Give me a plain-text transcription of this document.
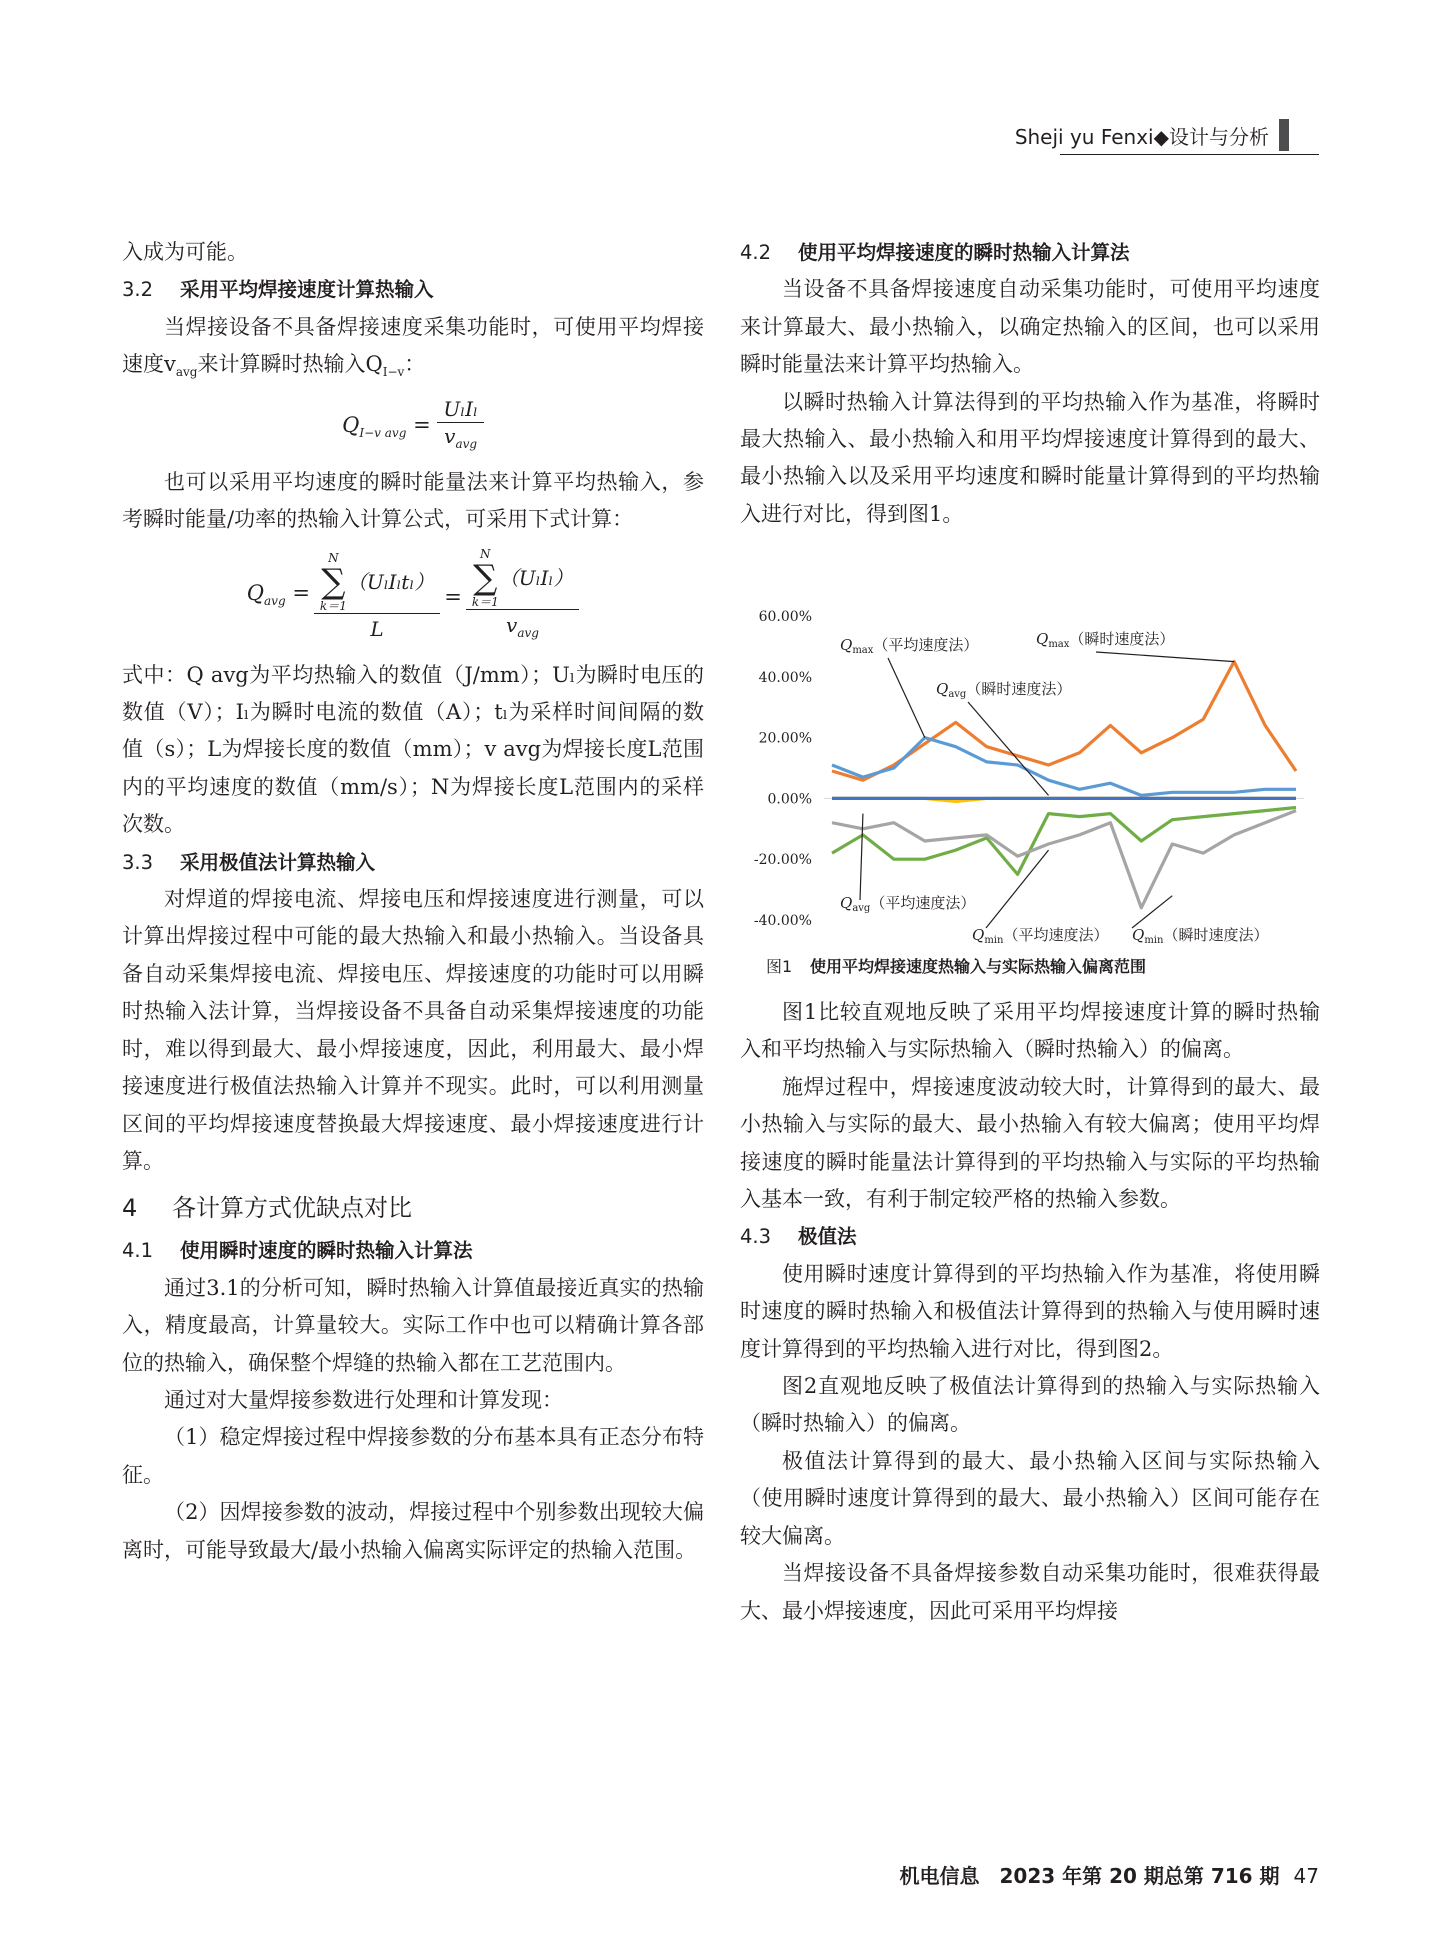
Sheji yu Fenxi◆设计与分析

入成为可能。

3.2 采用平均焊接速度计算热输入

当焊接设备不具备焊接速度采集功能时，可使用平均焊接速度$v_{avg}$来计算瞬时热输入$Q_{I-v}$：

$Q_{I-v avg} = \frac{\text{UₗIₗ}}{v_{avg}}$

也可以采用平均速度的瞬时能量法来计算平均热输入，参考瞬时能量/功率的热输入计算公式，可采用下式计算：

$Q_{avg} = N$
∑
k＝1
（UₗIₗtₗ）
L = N
∑
k＝1
（UₗIₗ）
$v_{avg}$

式中：Q avg为平均热输入的数值（J/mm）；Uₗ为瞬时电压的数值（V）；Iₗ为瞬时电流的数值（A）；tₗ为采样时间间隔的数值（s）；L为焊接长度的数值（mm）；v avg为焊接长度L范围内的平均速度的数值（mm/s）；N为焊接长度L范围内的采样次数。

3.3 采用极值法计算热输入

对焊道的焊接电流、焊接电压和焊接速度进行测量，可以计算出焊接过程中可能的最大热输入和最小热输入。当设备具备自动采集焊接电流、焊接电压、焊接速度的功能时可以用瞬时热输入法计算，当焊接设备不具备自动采集焊接速度的功能时，难以得到最大、最小焊接速度，因此，利用最大、最小焊接速度进行极值法热输入计算并不现实。此时，可以利用测量区间的平均焊接速度替换最大焊接速度、最小焊接速度进行计算。

4 各计算方式优缺点对比

4.1 使用瞬时速度的瞬时热输入计算法

通过3.1的分析可知，瞬时热输入计算值最接近真实的热输入，精度最高，计算量较大。实际工作中也可以精确计算各部位的热输入，确保整个焊缝的热输入都在工艺范围内。

通过对大量焊接参数进行处理和计算发现：

（1）稳定焊接过程中焊接参数的分布基本具有正态分布特征。

（2）因焊接参数的波动，焊接过程中个别参数出现较大偏离时，可能导致最大/最小热输入偏离实际评定的热输入范围。

4.2 使用平均焊接速度的瞬时热输入计算法

当设备不具备焊接速度自动采集功能时，可使用平均速度来计算最大、最小热输入，以确定热输入的区间，也可以采用瞬时能量法来计算平均热输入。

以瞬时热输入计算法得到的平均热输入作为基准，将瞬时最大热输入、最小热输入和用平均焊接速度计算得到的最大、最小热输入以及采用平均速度和瞬时能量计算得到的平均热输入进行对比，得到图1。

60.00%
40.00%
20.00%
0.00%
-20.00%
-40.00%
$Q_{max}$（平均速度法）	$Q_{max}$（瞬时速度法）
$Q_{avg}$（瞬时速度法）
$Q_{avg}$（平均速度法）
$Q_{min}$（平均速度法） $Q_{min}$（瞬时速度法）
图1 使用平均焊接速度热输入与实际热输入偏离范围

图1比较直观地反映了采用平均焊接速度计算的瞬时热输入和平均热输入与实际热输入（瞬时热输入）的偏离。

施焊过程中，焊接速度波动较大时，计算得到的最大、最小热输入与实际的最大、最小热输入有较大偏离；使用平均焊接速度的瞬时能量法计算得到的平均热输入与实际的平均热输入基本一致，有利于制定较严格的热输入参数。

4.3 极值法

使用瞬时速度计算得到的平均热输入作为基准，将使用瞬时速度的瞬时热输入和极值法计算得到的热输入与使用瞬时速度计算得到的平均热输入进行对比，得到图2。

图2直观地反映了极值法计算得到的热输入与实际热输入（瞬时热输入）的偏离。

极值法计算得到的最大、最小热输入区间与实际热输入（使用瞬时速度计算得到的最大、最小热输入）区间可能存在较大偏离。

当焊接设备不具备焊接参数自动采集功能时，很难获得最大、最小焊接速度，因此可采用平均焊接

机电信息　2023 年第 20 期总第 716 期 47
